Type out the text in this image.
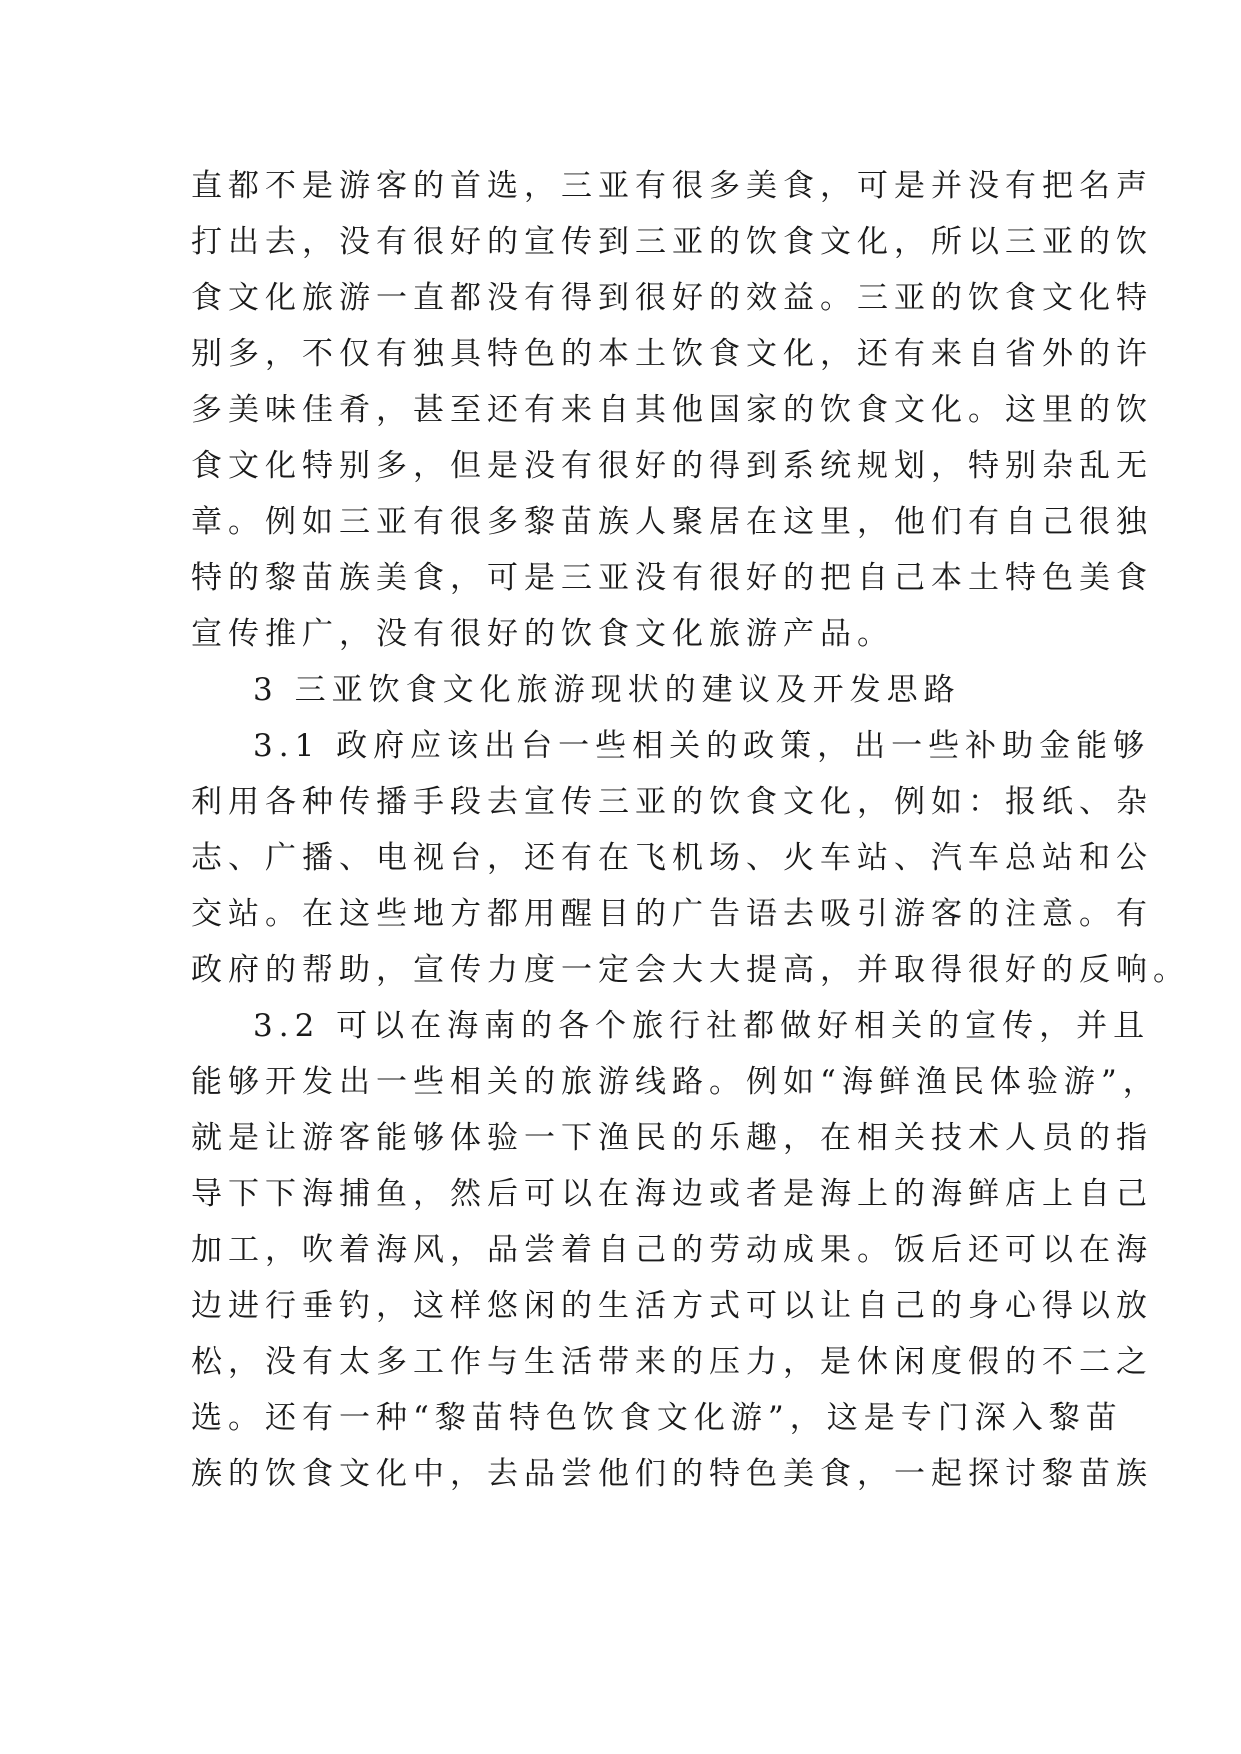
直都不是游客的首选，三亚有很多美食，可是并没有把名声
打出去，没有很好的宣传到三亚的饮食文化，所以三亚的饮
食文化旅游一直都没有得到很好的效益。三亚的饮食文化特
别多，不仅有独具特色的本土饮食文化，还有来自省外的许
多美味佳肴，甚至还有来自其他国家的饮食文化。这里的饮
食文化特别多，但是没有很好的得到系统规划，特别杂乱无
章。例如三亚有很多黎苗族人聚居在这里，他们有自己很独
特的黎苗族美食，可是三亚没有很好的把自己本土特色美食
宣传推广，没有很好的饮食文化旅游产品。
3 三亚饮食文化旅游现状的建议及开发思路
3.1 政府应该出台一些相关的政策，出一些补助金能够
利用各种传播手段去宣传三亚的饮食文化，例如：报纸、杂
志、广播、电视台，还有在飞机场、火车站、汽车总站和公
交站。在这些地方都用醒目的广告语去吸引游客的注意。有
政府的帮助，宣传力度一定会大大提高，并取得很好的反响。
3.2 可以在海南的各个旅行社都做好相关的宣传，并且
能够开发出一些相关的旅游线路。例如“海鲜渔民体验游”，
就是让游客能够体验一下渔民的乐趣，在相关技术人员的指
导下下海捕鱼，然后可以在海边或者是海上的海鲜店上自己
加工，吹着海风，品尝着自己的劳动成果。饭后还可以在海
边进行垂钓，这样悠闲的生活方式可以让自己的身心得以放
松，没有太多工作与生活带来的压力，是休闲度假的不二之
选。还有一种“黎苗特色饮食文化游”，这是专门深入黎苗
族的饮食文化中，去品尝他们的特色美食，一起探讨黎苗族
